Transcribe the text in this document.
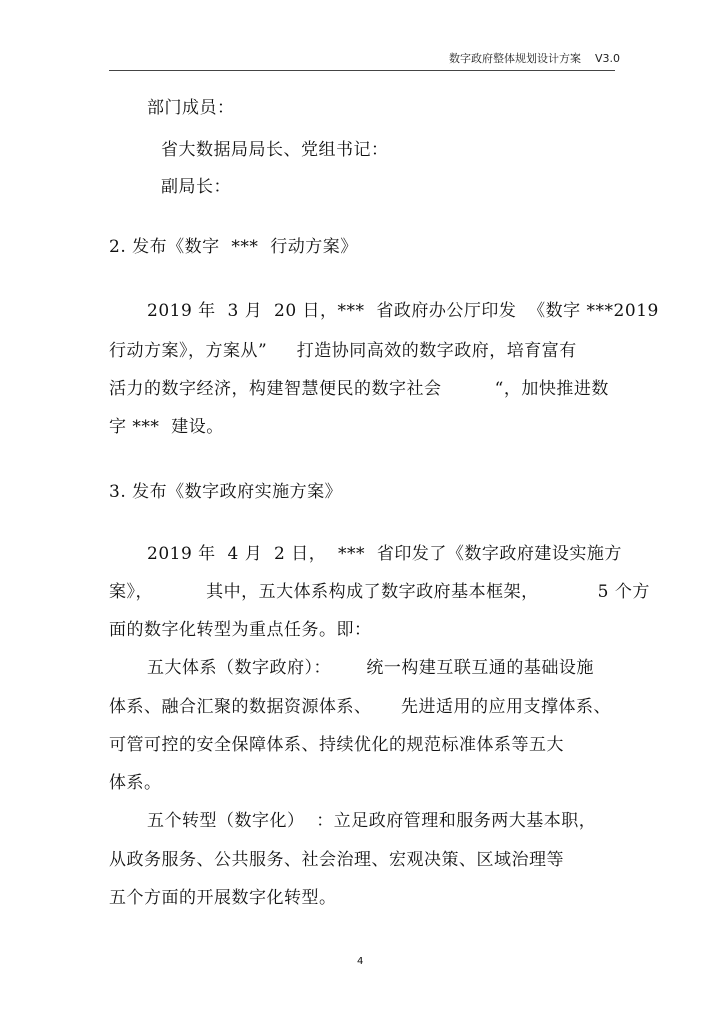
数字政府整体规划设计方案 V3.0
部门成员：
省大数据局局长、党组书记：
副局长：
2. 发布《数字  ***  行动方案》
2019 年  3 月  20 日，***  省政府办公厅印发  《数字 ***2019
行动方案》，方案从”     打造协同高效的数字政府，培育富有
活力的数字经济，构建智慧便民的数字社会         “，加快推进数
字 ***  建设。
3. 发布《数字政府实施方案》
2019 年  4 月  2 日，  ***  省印发了《数字政府建设实施方
案》，         其中，五大体系构成了数字政府基本框架，          5 个方
面的数字化转型为重点任务。即：
五大体系（数字政府）：      统一构建互联互通的基础设施
体系、融合汇聚的数据资源体系、     先进适用的应用支撑体系、
可管可控的安全保障体系、持续优化的规范标准体系等五大
体系。
五个转型（数字化）  ：立足政府管理和服务两大基本职，
从政务服务、公共服务、社会治理、宏观决策、区域治理等
五个方面的开展数字化转型。
4
